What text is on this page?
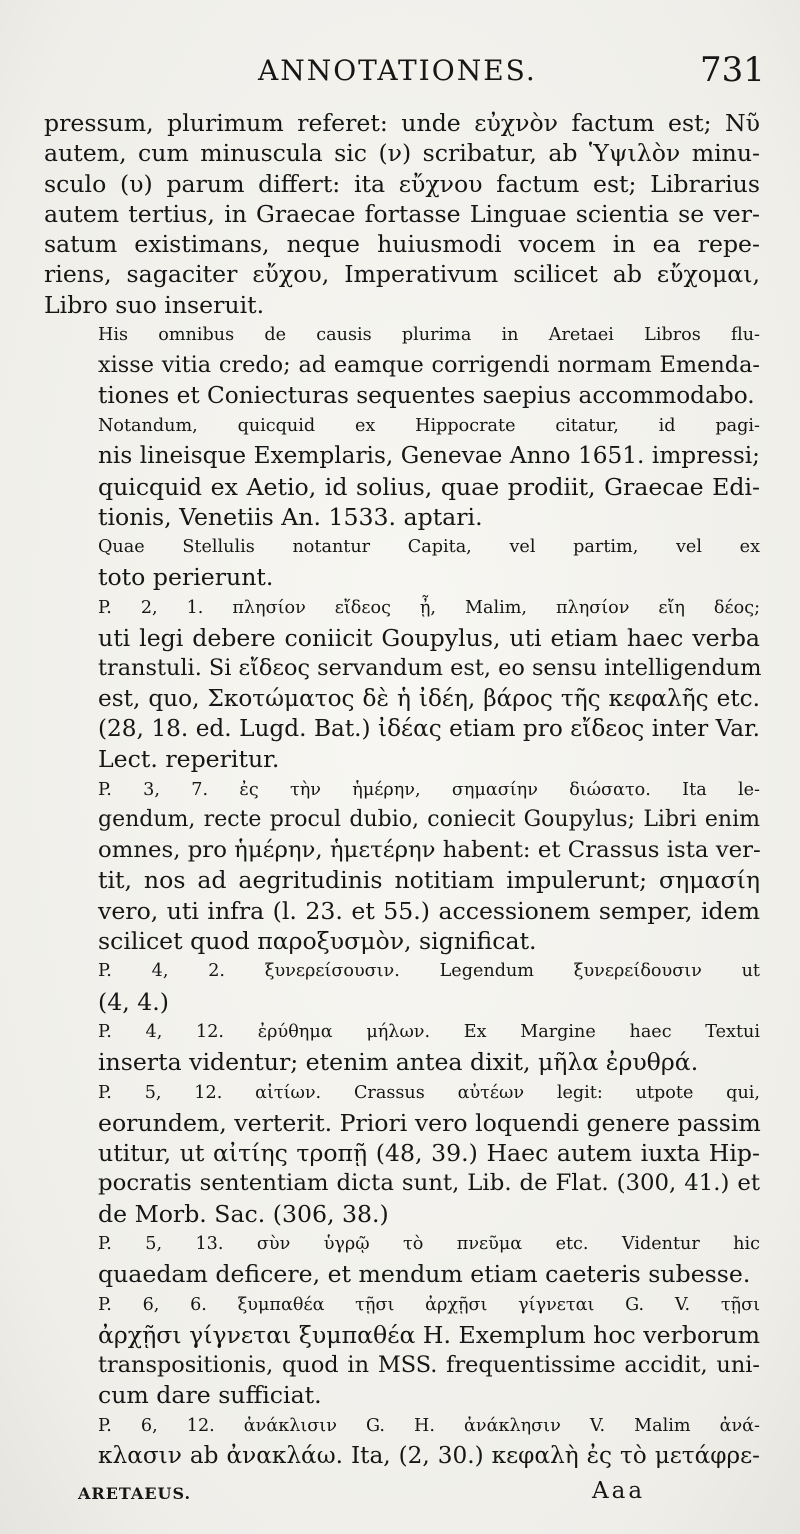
ANNOTATIONES.	731

pressum, plurimum referet: unde εὐχνὸν factum est; Νῦ
autem, cum minuscula sic (ν) scribatur, ab Ὑψιλὸν minu-
sculo (υ) parum differt: ita εὔχνου factum est; Librarius
autem tertius, in Graecae fortasse Linguae scientia se ver-
satum existimans, neque huiusmodi vocem in ea repe-
riens, sagaciter εὔχου, Imperativum scilicet ab εὔχομαι,
Libro suo inseruit.

His omnibus de causis plurima in Aretaei Libros flu-
xisse vitia credo; ad eamque corrigendi normam Emenda-
tiones et Coniecturas sequentes saepius accommodabo.

Notandum, quicquid ex Hippocrate citatur, id pagi-
nis lineisque Exemplaris, Genevae Anno 1651. impressi;
quicquid ex Aetio, id solius, quae prodiit, Graecae Edi-
tionis, Venetiis An. 1533. aptari.

Quae Stellulis notantur Capita, vel partim, vel ex
toto perierunt.

P. 2, 1. πλησίον εἴδεος ᾖ, Malim, πλησίον εἴη δέος;
uti legi debere coniicit Goupylus, uti etiam haec verba
transtuli. Si εἴδεος servandum est, eo sensu intelligendum
est, quo, Σκοτώματος δὲ ἡ ἰδέη, βάρος τῆς κεφαλῆς etc.
(28, 18. ed. Lugd. Bat.) ἰδέας etiam pro εἴδεος inter Var.
Lect. reperitur.

P. 3, 7. ἐς τὴν ἡμέρην, σημασίην διώσατο. Ita le-
gendum, recte procul dubio, coniecit Goupylus; Libri enim
omnes, pro ἡμέρην, ἡμετέρην habent: et Crassus ista ver-
tit, nos ad aegritudinis notitiam impulerunt; σημασίη
vero, uti infra (l. 23. et 55.) accessionem semper, idem
scilicet quod παροξυσμὸν, significat.

P. 4, 2. ξυνερείσουσιν. Legendum ξυνερείδουσιν ut
(4, 4.)

P. 4, 12. ἐρύθημα μήλων. Ex Margine haec Textui
inserta videntur; etenim antea dixit, μῆλα ἐρυθρά.

P. 5, 12. αἰτίων. Crassus αὐτέων legit: utpote qui,
eorundem, verterit. Priori vero loquendi genere passim
utitur, ut αἰτίης τροπῇ (48, 39.) Haec autem iuxta Hip-
pocratis sententiam dicta sunt, Lib. de Flat. (300, 41.) et
de Morb. Sac. (306, 38.)

P. 5, 13. σὺν ὑγρῷ τὸ πνεῦμα etc. Videntur hic
quaedam deficere, et mendum etiam caeteris subesse.

P. 6, 6. ξυμπαθέα τῇσι ἀρχῇσι γίγνεται G. V. τῇσι
ἀρχῇσι γίγνεται ξυμπαθέα H. Exemplum hoc verborum
transpositionis, quod in MSS. frequentissime accidit, uni-
cum dare sufficiat.

P. 6, 12. ἀνάκλισιν G. H. ἀνάκλησιν V. Malim ἀνά-
κλασιν ab ἀνακλάω. Ita, (2, 30.) κεφαλὴ ἐς τὸ μετάφρε-

ARETAEUS.	Aaa
